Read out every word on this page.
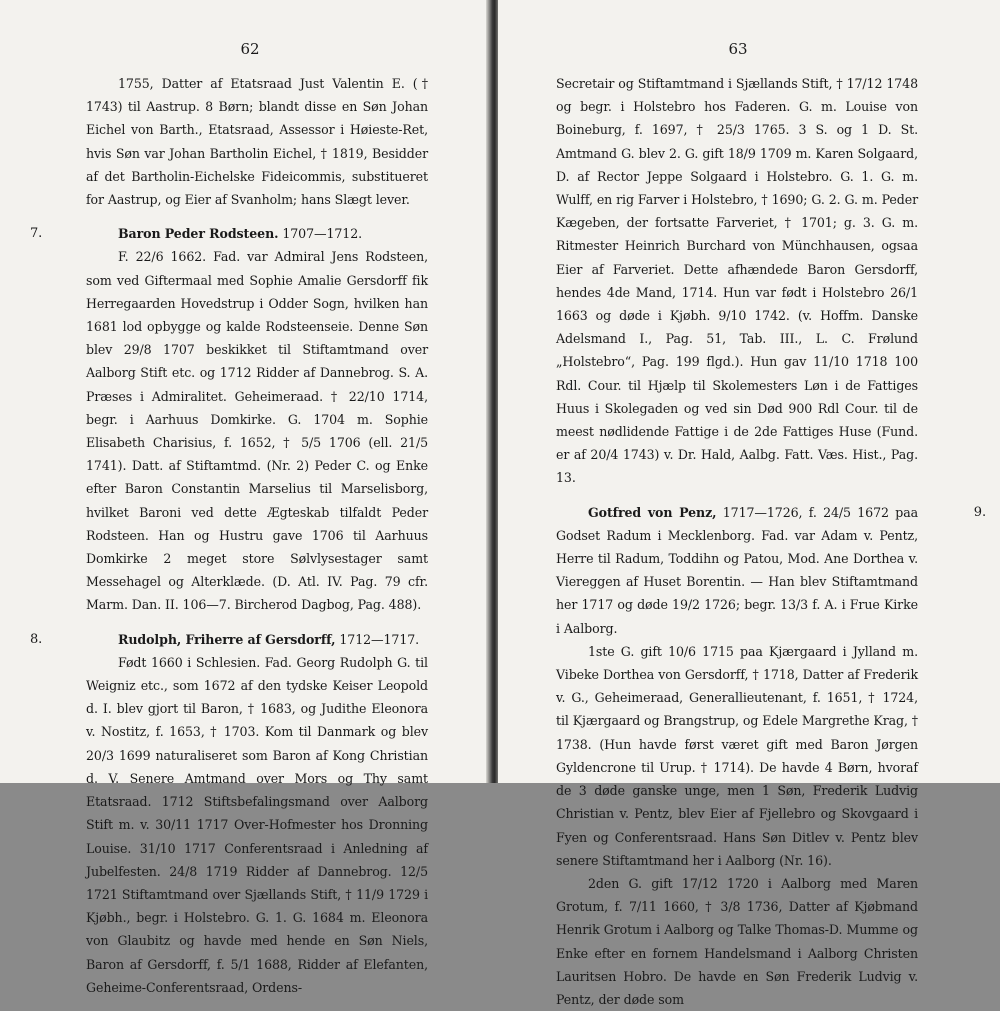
62

1755, Datter af Etatsraad Just Valentin E. († 1743) til Aastrup. 8 Børn; blandt disse en Søn Johan Eichel von Barth., Etatsraad, Assessor i Høieste-Ret, hvis Søn var Johan Bartholin Eichel, † 1819, Besidder af det Bartholin-Eichelske Fideicommis, substitueret for Aastrup, og Eier af Svanholm; hans Slægt lever.

7.	Baron Peder Rodsteen. 1707—1712.

F. 22/6 1662. Fad. var Admiral Jens Rodsteen, som ved Giftermaal med Sophie Amalie Gersdorff fik Herregaarden Hovedstrup i Odder Sogn, hvilken han 1681 lod opbygge og kalde Rodsteenseie. Denne Søn blev 29/8 1707 beskikket til Stiftamtmand over Aalborg Stift etc. og 1712 Ridder af Dannebrog. S. A. Præses i Admiralitet. Geheimeraad. † 22/10 1714, begr. i Aarhuus Domkirke. G. 1704 m. Sophie Elisabeth Charisius, f. 1652, † 5/5 1706 (ell. 21/5 1741). Datt. af Stiftamtmd. (Nr. 2) Peder C. og Enke efter Baron Constantin Marselius til Marselisborg, hvilket Baroni ved dette Ægteskab tilfaldt Peder Rodsteen. Han og Hustru gave 1706 til Aarhuus Domkirke 2 meget store Sølvlysestager samt Messehagel og Alterklæde. (D. Atl. IV. Pag. 79 cfr. Marm. Dan. II. 106—7. Bircherod Dagbog, Pag. 488).

8.	Rudolph, Friherre af Gersdorff, 1712—1717.

Født 1660 i Schlesien. Fad. Georg Rudolph G. til Weigniz etc., som 1672 af den tydske Keiser Leopold d. I. blev gjort til Baron, † 1683, og Judithe Eleonora v. Nostitz, f. 1653, † 1703. Kom til Danmark og blev 20/3 1699 naturaliseret som Baron af Kong Christian d. V. Senere Amtmand over Mors og Thy samt Etatsraad. 1712 Stiftsbefalingsmand over Aalborg Stift m. v. 30/11 1717 Over-Hofmester hos Dronning Louise. 31/10 1717 Conferentsraad i Anledning af Jubelfesten. 24/8 1719 Ridder af Dannebrog. 12/5 1721 Stiftamtmand over Sjællands Stift, † 11/9 1729 i Kjøbh., begr. i Holstebro. G. 1. G. 1684 m. Eleonora von Glaubitz og havde med hende en Søn Niels, Baron af Gersdorff, f. 5/1 1688, Ridder af Elefanten, Geheime-Conferentsraad, Ordens-

63

Secretair og Stiftamtmand i Sjællands Stift, † 17/12 1748 og begr. i Holstebro hos Faderen. G. m. Louise von Boineburg, f. 1697, † 25/3 1765. 3 S. og 1 D. St. Amtmand G. blev 2. G. gift 18/9 1709 m. Karen Solgaard, D. af Rector Jeppe Solgaard i Holstebro. G. 1. G. m. Wulff, en rig Farver i Holstebro, † 1690; G. 2. G. m. Peder Kægeben, der fortsatte Farveriet, † 1701; g. 3. G. m. Ritmester Heinrich Burchard von Münchhausen, ogsaa Eier af Farveriet. Dette afhændede Baron Gersdorff, hendes 4de Mand, 1714. Hun var født i Holstebro 26/1 1663 og døde i Kjøbh. 9/10 1742. (v. Hoffm. Danske Adelsmand I., Pag. 51, Tab. III., L. C. Frølund „Holstebro“, Pag. 199 flgd.). Hun gav 11/10 1718 100 Rdl. Cour. til Hjælp til Skolemesters Løn i de Fattiges Huus i Skolegaden og ved sin Død 900 Rdl Cour. til de meest nødlidende Fattige i de 2de Fattiges Huse (Fund. er af 20/4 1743) v. Dr. Hald, Aalbg. Fatt. Væs. Hist., Pag. 13.

9.

Gotfred von Penz, 1717—1726, f. 24/5 1672 paa Godset Radum i Mecklenborg. Fad. var Adam v. Pentz, Herre til Radum, Toddihn og Patou, Mod. Ane Dorthea v. Viereggen af Huset Borentin. — Han blev Stiftamtmand her 1717 og døde 19/2 1726; begr. 13/3 f. A. i Frue Kirke i Aalborg.

1ste G. gift 10/6 1715 paa Kjærgaard i Jylland m. Vibeke Dorthea von Gersdorff, † 1718, Datter af Frederik v. G., Geheimeraad, Generallieutenant, f. 1651, † 1724, til Kjærgaard og Brangstrup, og Edele Margrethe Krag, † 1738. (Hun havde først været gift med Baron Jørgen Gyldencrone til Urup. † 1714). De havde 4 Børn, hvoraf de 3 døde ganske unge, men 1 Søn, Frederik Ludvig Christian v. Pentz, blev Eier af Fjellebro og Skovgaard i Fyen og Conferentsraad. Hans Søn Ditlev v. Pentz blev senere Stiftamtmand her i Aalborg (Nr. 16).

2den G. gift 17/12 1720 i Aalborg med Maren Grotum, f. 7/11 1660, † 3/8 1736, Datter af Kjøbmand Henrik Grotum i Aalborg og Talke Thomas-D. Mumme og Enke efter en fornem Handelsmand i Aalborg Christen Lauritsen Hobro. De havde en Søn Frederik Ludvig v. Pentz, der døde som
